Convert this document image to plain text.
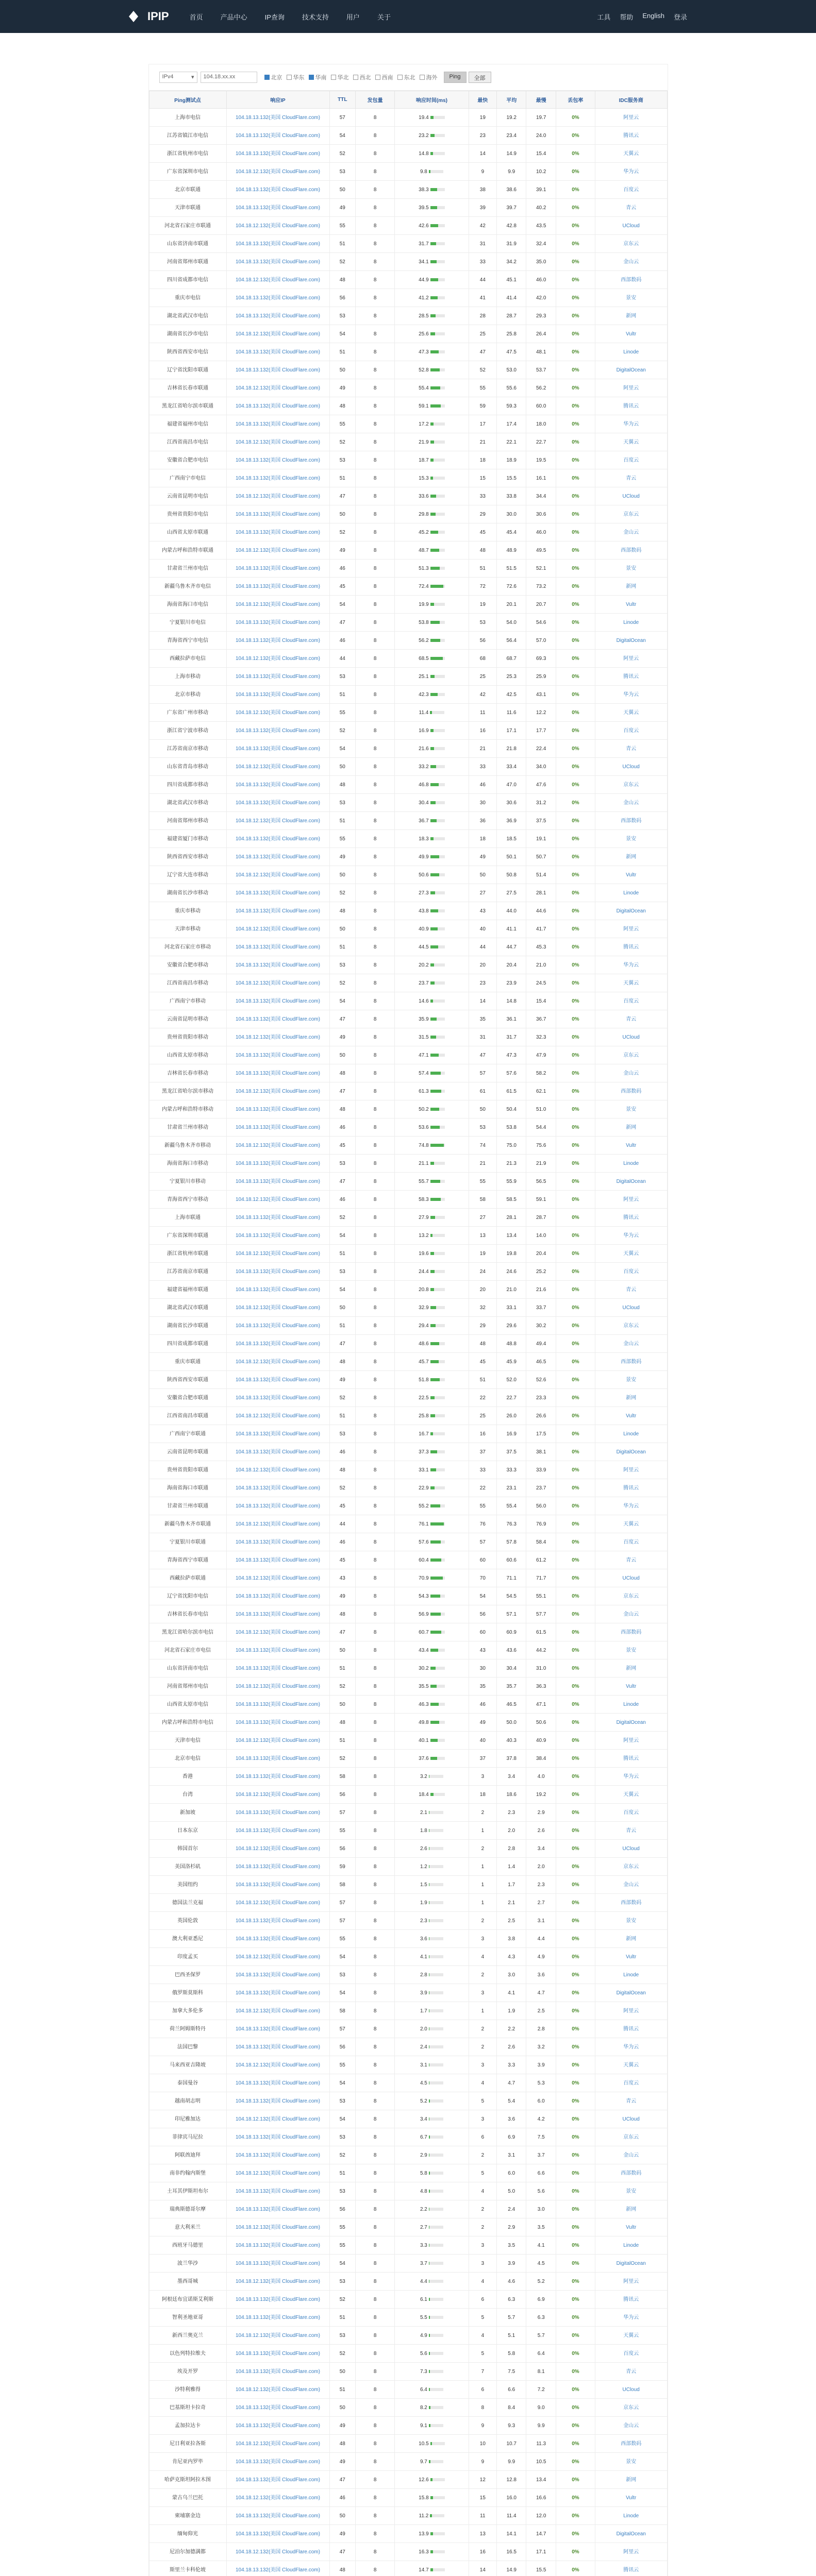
IPIP	首页	产品中心	IP查询	技术支持	用户	关于	工具 帮助 English 登录
IPv4	▾	104.18.xx.xx	北京 华东 华南 华北 西北 西南 东北 海外	Ping	全部
Ping测试点	响应IP	TTL	发包量	响应时间(ms)	最快	平均	最慢	丢包率	IDC服务商
上海市电信	104.18.13.132(美国 CloudFlare.com)	57	8	19.4	19	19.2	19.7	0%	阿里云
江苏省镇江市电信	104.18.13.132(美国 CloudFlare.com)	54	8	23.2	23	23.4	24.0	0%	腾讯云
浙江省杭州市电信	104.18.13.132(美国 CloudFlare.com)	52	8	14.8	14	14.9	15.4	0%	天翼云
广东省深圳市电信	104.18.12.132(美国 CloudFlare.com)	53	8	9.8	9	9.9	10.2	0%	华为云
北京市联通	104.18.13.132(美国 CloudFlare.com)	50	8	38.3	38	38.6	39.1	0%	百度云
天津市联通	104.18.13.132(美国 CloudFlare.com)	49	8	39.5	39	39.7	40.2	0%	青云
河北省石家庄市联通	104.18.12.132(美国 CloudFlare.com)	55	8	42.6	42	42.8	43.5	0%	UCloud
山东省济南市联通	104.18.13.132(美国 CloudFlare.com)	51	8	31.7	31	31.9	32.4	0%	京东云
河南省郑州市联通	104.18.13.132(美国 CloudFlare.com)	52	8	34.1	33	34.2	35.0	0%	金山云
四川省成都市电信	104.18.12.132(美国 CloudFlare.com)	48	8	44.9	44	45.1	46.0	0%	西部数码
重庆市电信	104.18.13.132(美国 CloudFlare.com)	56	8	41.2	41	41.4	42.0	0%	景安
湖北省武汉市电信	104.18.13.132(美国 CloudFlare.com)	53	8	28.5	28	28.7	29.3	0%	新网
湖南省长沙市电信	104.18.12.132(美国 CloudFlare.com)	54	8	25.6	25	25.8	26.4	0%	Vultr
陕西省西安市电信	104.18.13.132(美国 CloudFlare.com)	51	8	47.3	47	47.5	48.1	0%	Linode
辽宁省沈阳市联通	104.18.13.132(美国 CloudFlare.com)	50	8	52.8	52	53.0	53.7	0%	DigitalOcean
吉林省长春市联通	104.18.12.132(美国 CloudFlare.com)	49	8	55.4	55	55.6	56.2	0%	阿里云
黑龙江省哈尔滨市联通	104.18.13.132(美国 CloudFlare.com)	48	8	59.1	59	59.3	60.0	0%	腾讯云
福建省福州市电信	104.18.13.132(美国 CloudFlare.com)	55	8	17.2	17	17.4	18.0	0%	华为云
江西省南昌市电信	104.18.12.132(美国 CloudFlare.com)	52	8	21.9	21	22.1	22.7	0%	天翼云
安徽省合肥市电信	104.18.13.132(美国 CloudFlare.com)	53	8	18.7	18	18.9	19.5	0%	百度云
广西南宁市电信	104.18.13.132(美国 CloudFlare.com)	51	8	15.3	15	15.5	16.1	0%	青云
云南省昆明市电信	104.18.12.132(美国 CloudFlare.com)	47	8	33.6	33	33.8	34.4	0%	UCloud
贵州省贵阳市电信	104.18.13.132(美国 CloudFlare.com)	50	8	29.8	29	30.0	30.6	0%	京东云
山西省太原市联通	104.18.13.132(美国 CloudFlare.com)	52	8	45.2	45	45.4	46.0	0%	金山云
内蒙古呼和浩特市联通	104.18.12.132(美国 CloudFlare.com)	49	8	48.7	48	48.9	49.5	0%	西部数码
甘肃省兰州市电信	104.18.13.132(美国 CloudFlare.com)	46	8	51.3	51	51.5	52.1	0%	景安
新疆乌鲁木齐市电信	104.18.13.132(美国 CloudFlare.com)	45	8	72.4	72	72.6	73.2	0%	新网
海南省海口市电信	104.18.12.132(美国 CloudFlare.com)	54	8	19.9	19	20.1	20.7	0%	Vultr
宁夏银川市电信	104.18.13.132(美国 CloudFlare.com)	47	8	53.8	53	54.0	54.6	0%	Linode
青海省西宁市电信	104.18.13.132(美国 CloudFlare.com)	46	8	56.2	56	56.4	57.0	0%	DigitalOcean
西藏拉萨市电信	104.18.12.132(美国 CloudFlare.com)	44	8	68.5	68	68.7	69.3	0%	阿里云
上海市移动	104.18.13.132(美国 CloudFlare.com)	53	8	25.1	25	25.3	25.9	0%	腾讯云
北京市移动	104.18.13.132(美国 CloudFlare.com)	51	8	42.3	42	42.5	43.1	0%	华为云
广东省广州市移动	104.18.12.132(美国 CloudFlare.com)	55	8	11.4	11	11.6	12.2	0%	天翼云
浙江省宁波市移动	104.18.13.132(美国 CloudFlare.com)	52	8	16.9	16	17.1	17.7	0%	百度云
江苏省南京市移动	104.18.13.132(美国 CloudFlare.com)	54	8	21.6	21	21.8	22.4	0%	青云
山东省青岛市移动	104.18.12.132(美国 CloudFlare.com)	50	8	33.2	33	33.4	34.0	0%	UCloud
四川省成都市移动	104.18.13.132(美国 CloudFlare.com)	48	8	46.8	46	47.0	47.6	0%	京东云
湖北省武汉市移动	104.18.13.132(美国 CloudFlare.com)	53	8	30.4	30	30.6	31.2	0%	金山云
河南省郑州市移动	104.18.12.132(美国 CloudFlare.com)	51	8	36.7	36	36.9	37.5	0%	西部数码
福建省厦门市移动	104.18.13.132(美国 CloudFlare.com)	55	8	18.3	18	18.5	19.1	0%	景安
陕西省西安市移动	104.18.13.132(美国 CloudFlare.com)	49	8	49.9	49	50.1	50.7	0%	新网
辽宁省大连市移动	104.18.12.132(美国 CloudFlare.com)	50	8	50.6	50	50.8	51.4	0%	Vultr
湖南省长沙市移动	104.18.13.132(美国 CloudFlare.com)	52	8	27.3	27	27.5	28.1	0%	Linode
重庆市移动	104.18.13.132(美国 CloudFlare.com)	48	8	43.8	43	44.0	44.6	0%	DigitalOcean
天津市移动	104.18.12.132(美国 CloudFlare.com)	50	8	40.9	40	41.1	41.7	0%	阿里云
河北省石家庄市移动	104.18.13.132(美国 CloudFlare.com)	51	8	44.5	44	44.7	45.3	0%	腾讯云
安徽省合肥市移动	104.18.13.132(美国 CloudFlare.com)	53	8	20.2	20	20.4	21.0	0%	华为云
江西省南昌市移动	104.18.12.132(美国 CloudFlare.com)	52	8	23.7	23	23.9	24.5	0%	天翼云
广西南宁市移动	104.18.13.132(美国 CloudFlare.com)	54	8	14.6	14	14.8	15.4	0%	百度云
云南省昆明市移动	104.18.13.132(美国 CloudFlare.com)	47	8	35.9	35	36.1	36.7	0%	青云
贵州省贵阳市移动	104.18.12.132(美国 CloudFlare.com)	49	8	31.5	31	31.7	32.3	0%	UCloud
山西省太原市移动	104.18.13.132(美国 CloudFlare.com)	50	8	47.1	47	47.3	47.9	0%	京东云
吉林省长春市移动	104.18.13.132(美国 CloudFlare.com)	48	8	57.4	57	57.6	58.2	0%	金山云
黑龙江省哈尔滨市移动	104.18.12.132(美国 CloudFlare.com)	47	8	61.3	61	61.5	62.1	0%	西部数码
内蒙古呼和浩特市移动	104.18.13.132(美国 CloudFlare.com)	48	8	50.2	50	50.4	51.0	0%	景安
甘肃省兰州市移动	104.18.13.132(美国 CloudFlare.com)	46	8	53.6	53	53.8	54.4	0%	新网
新疆乌鲁木齐市移动	104.18.12.132(美国 CloudFlare.com)	45	8	74.8	74	75.0	75.6	0%	Vultr
海南省海口市移动	104.18.13.132(美国 CloudFlare.com)	53	8	21.1	21	21.3	21.9	0%	Linode
宁夏银川市移动	104.18.13.132(美国 CloudFlare.com)	47	8	55.7	55	55.9	56.5	0%	DigitalOcean
青海省西宁市移动	104.18.12.132(美国 CloudFlare.com)	46	8	58.3	58	58.5	59.1	0%	阿里云
上海市联通	104.18.13.132(美国 CloudFlare.com)	52	8	27.9	27	28.1	28.7	0%	腾讯云
广东省深圳市联通	104.18.13.132(美国 CloudFlare.com)	54	8	13.2	13	13.4	14.0	0%	华为云
浙江省杭州市联通	104.18.12.132(美国 CloudFlare.com)	51	8	19.6	19	19.8	20.4	0%	天翼云
江苏省南京市联通	104.18.13.132(美国 CloudFlare.com)	53	8	24.4	24	24.6	25.2	0%	百度云
福建省福州市联通	104.18.13.132(美国 CloudFlare.com)	54	8	20.8	20	21.0	21.6	0%	青云
湖北省武汉市联通	104.18.12.132(美国 CloudFlare.com)	50	8	32.9	32	33.1	33.7	0%	UCloud
湖南省长沙市联通	104.18.13.132(美国 CloudFlare.com)	51	8	29.4	29	29.6	30.2	0%	京东云
四川省成都市联通	104.18.13.132(美国 CloudFlare.com)	47	8	48.6	48	48.8	49.4	0%	金山云
重庆市联通	104.18.12.132(美国 CloudFlare.com)	48	8	45.7	45	45.9	46.5	0%	西部数码
陕西省西安市联通	104.18.13.132(美国 CloudFlare.com)	49	8	51.8	51	52.0	52.6	0%	景安
安徽省合肥市联通	104.18.13.132(美国 CloudFlare.com)	52	8	22.5	22	22.7	23.3	0%	新网
江西省南昌市联通	104.18.12.132(美国 CloudFlare.com)	51	8	25.8	25	26.0	26.6	0%	Vultr
广西南宁市联通	104.18.13.132(美国 CloudFlare.com)	53	8	16.7	16	16.9	17.5	0%	Linode
云南省昆明市联通	104.18.13.132(美国 CloudFlare.com)	46	8	37.3	37	37.5	38.1	0%	DigitalOcean
贵州省贵阳市联通	104.18.12.132(美国 CloudFlare.com)	48	8	33.1	33	33.3	33.9	0%	阿里云
海南省海口市联通	104.18.13.132(美国 CloudFlare.com)	52	8	22.9	22	23.1	23.7	0%	腾讯云
甘肃省兰州市联通	104.18.13.132(美国 CloudFlare.com)	45	8	55.2	55	55.4	56.0	0%	华为云
新疆乌鲁木齐市联通	104.18.12.132(美国 CloudFlare.com)	44	8	76.1	76	76.3	76.9	0%	天翼云
宁夏银川市联通	104.18.13.132(美国 CloudFlare.com)	46	8	57.6	57	57.8	58.4	0%	百度云
青海省西宁市联通	104.18.13.132(美国 CloudFlare.com)	45	8	60.4	60	60.6	61.2	0%	青云
西藏拉萨市联通	104.18.12.132(美国 CloudFlare.com)	43	8	70.9	70	71.1	71.7	0%	UCloud
辽宁省沈阳市电信	104.18.13.132(美国 CloudFlare.com)	49	8	54.3	54	54.5	55.1	0%	京东云
吉林省长春市电信	104.18.13.132(美国 CloudFlare.com)	48	8	56.9	56	57.1	57.7	0%	金山云
黑龙江省哈尔滨市电信	104.18.12.132(美国 CloudFlare.com)	47	8	60.7	60	60.9	61.5	0%	西部数码
河北省石家庄市电信	104.18.13.132(美国 CloudFlare.com)	50	8	43.4	43	43.6	44.2	0%	景安
山东省济南市电信	104.18.13.132(美国 CloudFlare.com)	51	8	30.2	30	30.4	31.0	0%	新网
河南省郑州市电信	104.18.12.132(美国 CloudFlare.com)	52	8	35.5	35	35.7	36.3	0%	Vultr
山西省太原市电信	104.18.13.132(美国 CloudFlare.com)	50	8	46.3	46	46.5	47.1	0%	Linode
内蒙古呼和浩特市电信	104.18.13.132(美国 CloudFlare.com)	48	8	49.8	49	50.0	50.6	0%	DigitalOcean
天津市电信	104.18.12.132(美国 CloudFlare.com)	51	8	40.1	40	40.3	40.9	0%	阿里云
北京市电信	104.18.13.132(美国 CloudFlare.com)	52	8	37.6	37	37.8	38.4	0%	腾讯云
香港	104.18.13.132(美国 CloudFlare.com)	58	8	3.2	3	3.4	4.0	0%	华为云
台湾	104.18.12.132(美国 CloudFlare.com)	56	8	18.4	18	18.6	19.2	0%	天翼云
新加坡	104.18.13.132(美国 CloudFlare.com)	57	8	2.1	2	2.3	2.9	0%	百度云
日本东京	104.18.13.132(美国 CloudFlare.com)	55	8	1.8	1	2.0	2.6	0%	青云
韩国首尔	104.18.12.132(美国 CloudFlare.com)	56	8	2.6	2	2.8	3.4	0%	UCloud
美国洛杉矶	104.18.13.132(美国 CloudFlare.com)	59	8	1.2	1	1.4	2.0	0%	京东云
美国纽约	104.18.13.132(美国 CloudFlare.com)	58	8	1.5	1	1.7	2.3	0%	金山云
德国法兰克福	104.18.12.132(美国 CloudFlare.com)	57	8	1.9	1	2.1	2.7	0%	西部数码
英国伦敦	104.18.13.132(美国 CloudFlare.com)	57	8	2.3	2	2.5	3.1	0%	景安
澳大利亚悉尼	104.18.13.132(美国 CloudFlare.com)	55	8	3.6	3	3.8	4.4	0%	新网
印度孟买	104.18.12.132(美国 CloudFlare.com)	54	8	4.1	4	4.3	4.9	0%	Vultr
巴西圣保罗	104.18.13.132(美国 CloudFlare.com)	53	8	2.8	2	3.0	3.6	0%	Linode
俄罗斯莫斯科	104.18.13.132(美国 CloudFlare.com)	54	8	3.9	3	4.1	4.7	0%	DigitalOcean
加拿大多伦多	104.18.12.132(美国 CloudFlare.com)	58	8	1.7	1	1.9	2.5	0%	阿里云
荷兰阿姆斯特丹	104.18.13.132(美国 CloudFlare.com)	57	8	2.0	2	2.2	2.8	0%	腾讯云
法国巴黎	104.18.13.132(美国 CloudFlare.com)	56	8	2.4	2	2.6	3.2	0%	华为云
马来西亚吉隆坡	104.18.12.132(美国 CloudFlare.com)	55	8	3.1	3	3.3	3.9	0%	天翼云
泰国曼谷	104.18.13.132(美国 CloudFlare.com)	54	8	4.5	4	4.7	5.3	0%	百度云
越南胡志明	104.18.13.132(美国 CloudFlare.com)	53	8	5.2	5	5.4	6.0	0%	青云
印尼雅加达	104.18.12.132(美国 CloudFlare.com)	54	8	3.4	3	3.6	4.2	0%	UCloud
菲律宾马尼拉	104.18.13.132(美国 CloudFlare.com)	53	8	6.7	6	6.9	7.5	0%	京东云
阿联酋迪拜	104.18.13.132(美国 CloudFlare.com)	52	8	2.9	2	3.1	3.7	0%	金山云
南非约翰内斯堡	104.18.12.132(美国 CloudFlare.com)	51	8	5.8	5	6.0	6.6	0%	西部数码
土耳其伊斯坦布尔	104.18.13.132(美国 CloudFlare.com)	53	8	4.8	4	5.0	5.6	0%	景安
瑞典斯德哥尔摩	104.18.13.132(美国 CloudFlare.com)	56	8	2.2	2	2.4	3.0	0%	新网
意大利米兰	104.18.12.132(美国 CloudFlare.com)	55	8	2.7	2	2.9	3.5	0%	Vultr
西班牙马德里	104.18.13.132(美国 CloudFlare.com)	55	8	3.3	3	3.5	4.1	0%	Linode
波兰华沙	104.18.13.132(美国 CloudFlare.com)	54	8	3.7	3	3.9	4.5	0%	DigitalOcean
墨西哥城	104.18.12.132(美国 CloudFlare.com)	53	8	4.4	4	4.6	5.2	0%	阿里云
阿根廷布宜诺斯艾利斯	104.18.13.132(美国 CloudFlare.com)	52	8	6.1	6	6.3	6.9	0%	腾讯云
智利圣地亚哥	104.18.13.132(美国 CloudFlare.com)	51	8	5.5	5	5.7	6.3	0%	华为云
新西兰奥克兰	104.18.12.132(美国 CloudFlare.com)	53	8	4.9	4	5.1	5.7	0%	天翼云
以色列特拉维夫	104.18.13.132(美国 CloudFlare.com)	52	8	5.6	5	5.8	6.4	0%	百度云
埃及开罗	104.18.13.132(美国 CloudFlare.com)	50	8	7.3	7	7.5	8.1	0%	青云
沙特利雅得	104.18.12.132(美国 CloudFlare.com)	51	8	6.4	6	6.6	7.2	0%	UCloud
巴基斯坦卡拉奇	104.18.13.132(美国 CloudFlare.com)	50	8	8.2	8	8.4	9.0	0%	京东云
孟加拉达卡	104.18.13.132(美国 CloudFlare.com)	49	8	9.1	9	9.3	9.9	0%	金山云
尼日利亚拉各斯	104.18.12.132(美国 CloudFlare.com)	48	8	10.5	10	10.7	11.3	0%	西部数码
肯尼亚内罗毕	104.18.13.132(美国 CloudFlare.com)	49	8	9.7	9	9.9	10.5	0%	景安
哈萨克斯坦阿拉木图	104.18.13.132(美国 CloudFlare.com)	47	8	12.6	12	12.8	13.4	0%	新网
蒙古乌兰巴托	104.18.12.132(美国 CloudFlare.com)	46	8	15.8	15	16.0	16.6	0%	Vultr
柬埔寨金边	104.18.13.132(美国 CloudFlare.com)	50	8	11.2	11	11.4	12.0	0%	Linode
缅甸仰光	104.18.13.132(美国 CloudFlare.com)	49	8	13.9	13	14.1	14.7	0%	DigitalOcean
尼泊尔加德满都	104.18.12.132(美国 CloudFlare.com)	47	8	16.3	16	16.5	17.1	0%	阿里云
斯里兰卡科伦坡	104.18.13.132(美国 CloudFlare.com)	48	8	14.7	14	14.9	15.5	0%	腾讯云
